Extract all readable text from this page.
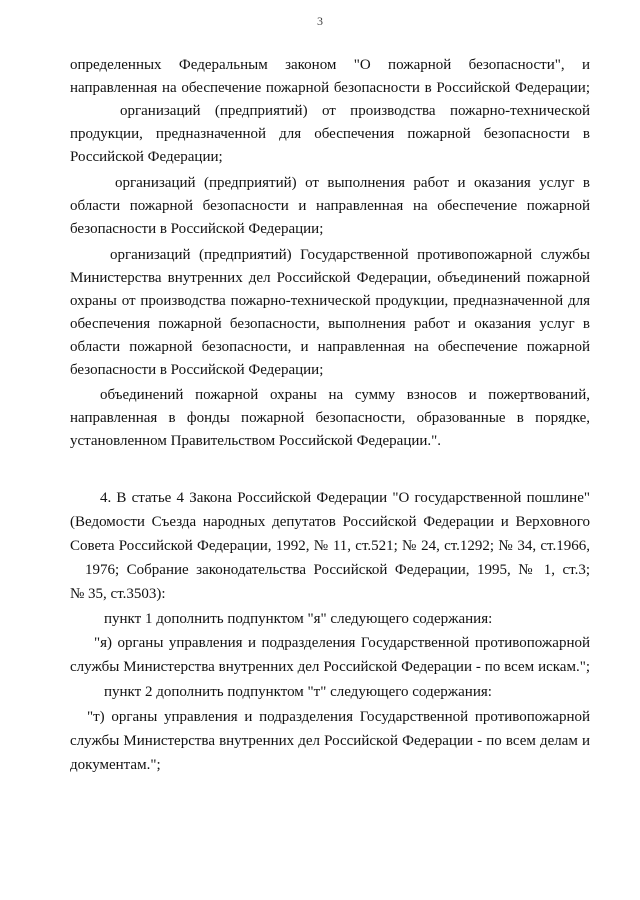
3
определенных Федеральным законом "О пожарной безопасности", и
направленная на обеспечение пожарной безопасности в Российской Федерации;
организаций (предприятий) от производства пожарно-технической
продукции, предназначенной для обеспечения пожарной безопасности в
Российской Федерации;
организаций (предприятий) от выполнения работ и оказания услуг в
области пожарной безопасности и направленная на обеспечение пожарной
безопасности в Российской Федерации;
организаций (предприятий) Государственной противопожарной службы
Министерства внутренних дел Российской Федерации, объединений пожарной
охраны от производства пожарно-технической продукции, предназначенной для
обеспечения пожарной безопасности, выполнения работ и оказания услуг в
области пожарной безопасности, и направленная на обеспечение пожарной
безопасности в Российской Федерации;
объединений пожарной охраны на сумму взносов и пожертвований,
направленная в фонды пожарной безопасности, образованные в порядке,
установленном Правительством Российской Федерации.".
4. В статье 4 Закона Российской Федерации "О государственной пошлине"
(Ведомости Съезда народных депутатов Российской Федерации и Верховного
Совета Российской Федерации, 1992, № 11, ст.521; № 24, ст.1292; № 34, ст.1966,
1976; Собрание законодательства Российской Федерации, 1995, № 1, ст.3;
№ 35, ст.3503):
пункт 1 дополнить подпунктом "я" следующего содержания:
"я) органы управления и подразделения Государственной противопожарной
службы Министерства внутренних дел Российской Федерации - по всем искам.";
пункт 2 дополнить подпунктом "т" следующего содержания:
"т) органы управления и подразделения Государственной противопожарной
службы Министерства внутренних дел Российской Федерации - по всем делам и
документам.";
